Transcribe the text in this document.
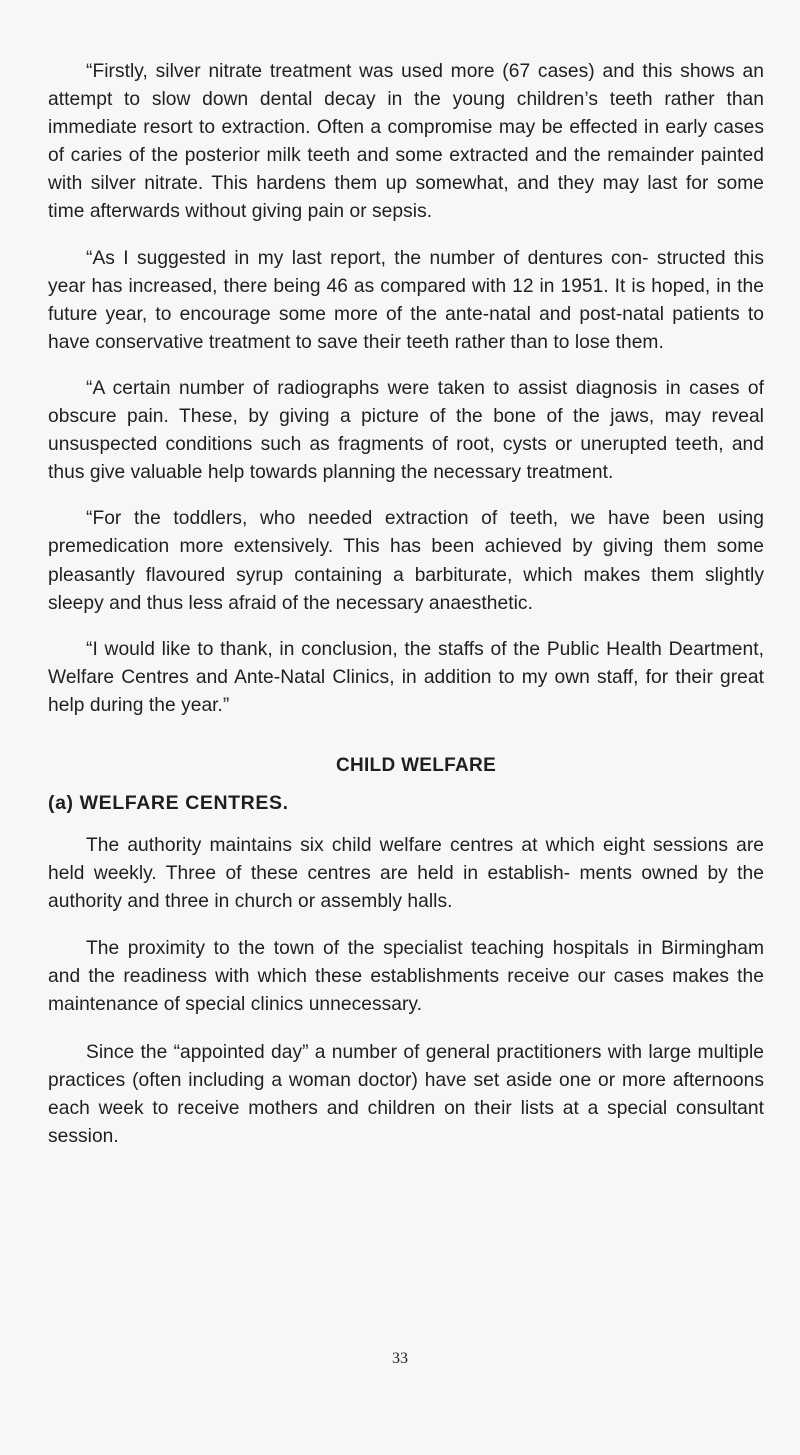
“Firstly, silver nitrate treatment was used more (67 cases) and this shows an attempt to slow down dental decay in the young children’s teeth rather than immediate resort to extraction. Often a compromise may be effected in early cases of caries of the posterior milk teeth and some extracted and the remainder painted with silver nitrate. This hardens them up somewhat, and they may last for some time afterwards without giving pain or sepsis.

“As I suggested in my last report, the number of dentures con- structed this year has increased, there being 46 as compared with 12 in 1951. It is hoped, in the future year, to encourage some more of the ante-natal and post-natal patients to have conservative treatment to save their teeth rather than to lose them.

“A certain number of radiographs were taken to assist diagnosis in cases of obscure pain. These, by giving a picture of the bone of the jaws, may reveal unsuspected conditions such as fragments of root, cysts or unerupted teeth, and thus give valuable help towards planning the necessary treatment.

“For the toddlers, who needed extraction of teeth, we have been using premedication more extensively. This has been achieved by giving them some pleasantly flavoured syrup containing a barbiturate, which makes them slightly sleepy and thus less afraid of the necessary anaesthetic.

“I would like to thank, in conclusion, the staffs of the Public Health Deartment, Welfare Centres and Ante-Natal Clinics, in addition to my own staff, for their great help during the year.”

CHILD WELFARE
(a) WELFARE CENTRES.

The authority maintains six child welfare centres at which eight sessions are held weekly. Three of these centres are held in establish- ments owned by the authority and three in church or assembly halls.

The proximity to the town of the specialist teaching hospitals in Birmingham and the readiness with which these establishments receive our cases makes the maintenance of special clinics unnecessary.

Since the “appointed day” a number of general practitioners with large multiple practices (often including a woman doctor) have set aside one or more afternoons each week to receive mothers and children on their lists at a special consultant session.

33
